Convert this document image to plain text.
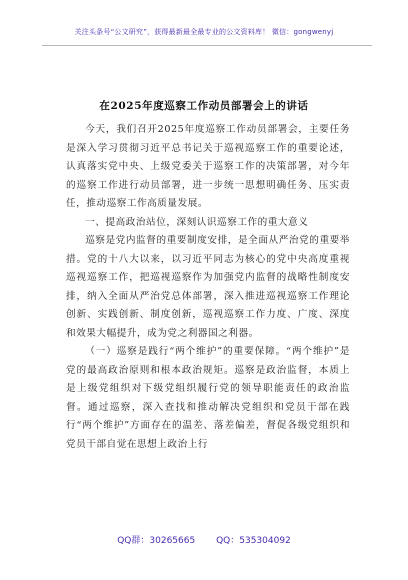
关注头条号“公文研究”，获得最新最全最专业的公文资料库！ 微信：gongwenyj
在2025年度巡察工作动员部署会上的讲话

今天，我们召开2025年度巡察工作动员部署会，主要任务是深入学习贯彻习近平总书记关于巡视巡察工作的重要论述，认真落实党中央、上级党委关于巡察工作的决策部署，对今年的巡察工作进行动员部署，进一步统一思想明确任务、压实责任，推动巡察工作高质量发展。

一、提高政治站位，深刻认识巡察工作的重大意义

巡察是党内监督的重要制度安排，是全面从严治党的重要举措。党的十八大以来，以习近平同志为核心的党中央高度重视巡视巡察工作，把巡视巡察作为加强党内监督的战略性制度安排，纳入全面从严治党总体部署，深入推进巡视巡察工作理论创新、实践创新、制度创新，巡视巡察工作力度、广度、深度和效果大幅提升，成为党之利器国之利器。

（一）巡察是践行“两个维护”的重要保障。“两个维护”是党的最高政治原则和根本政治规矩。巡察是政治监督，本质上是上级党组织对下级党组织履行党的领导职能责任的政治监督。通过巡察，深入查找和推动解决党组织和党员干部在践行“两个维护”方面存在的温差、落差偏差，督促各级党组织和党员干部自觉在思想上政治上行

QQ群：30265665 QQ：535304092
